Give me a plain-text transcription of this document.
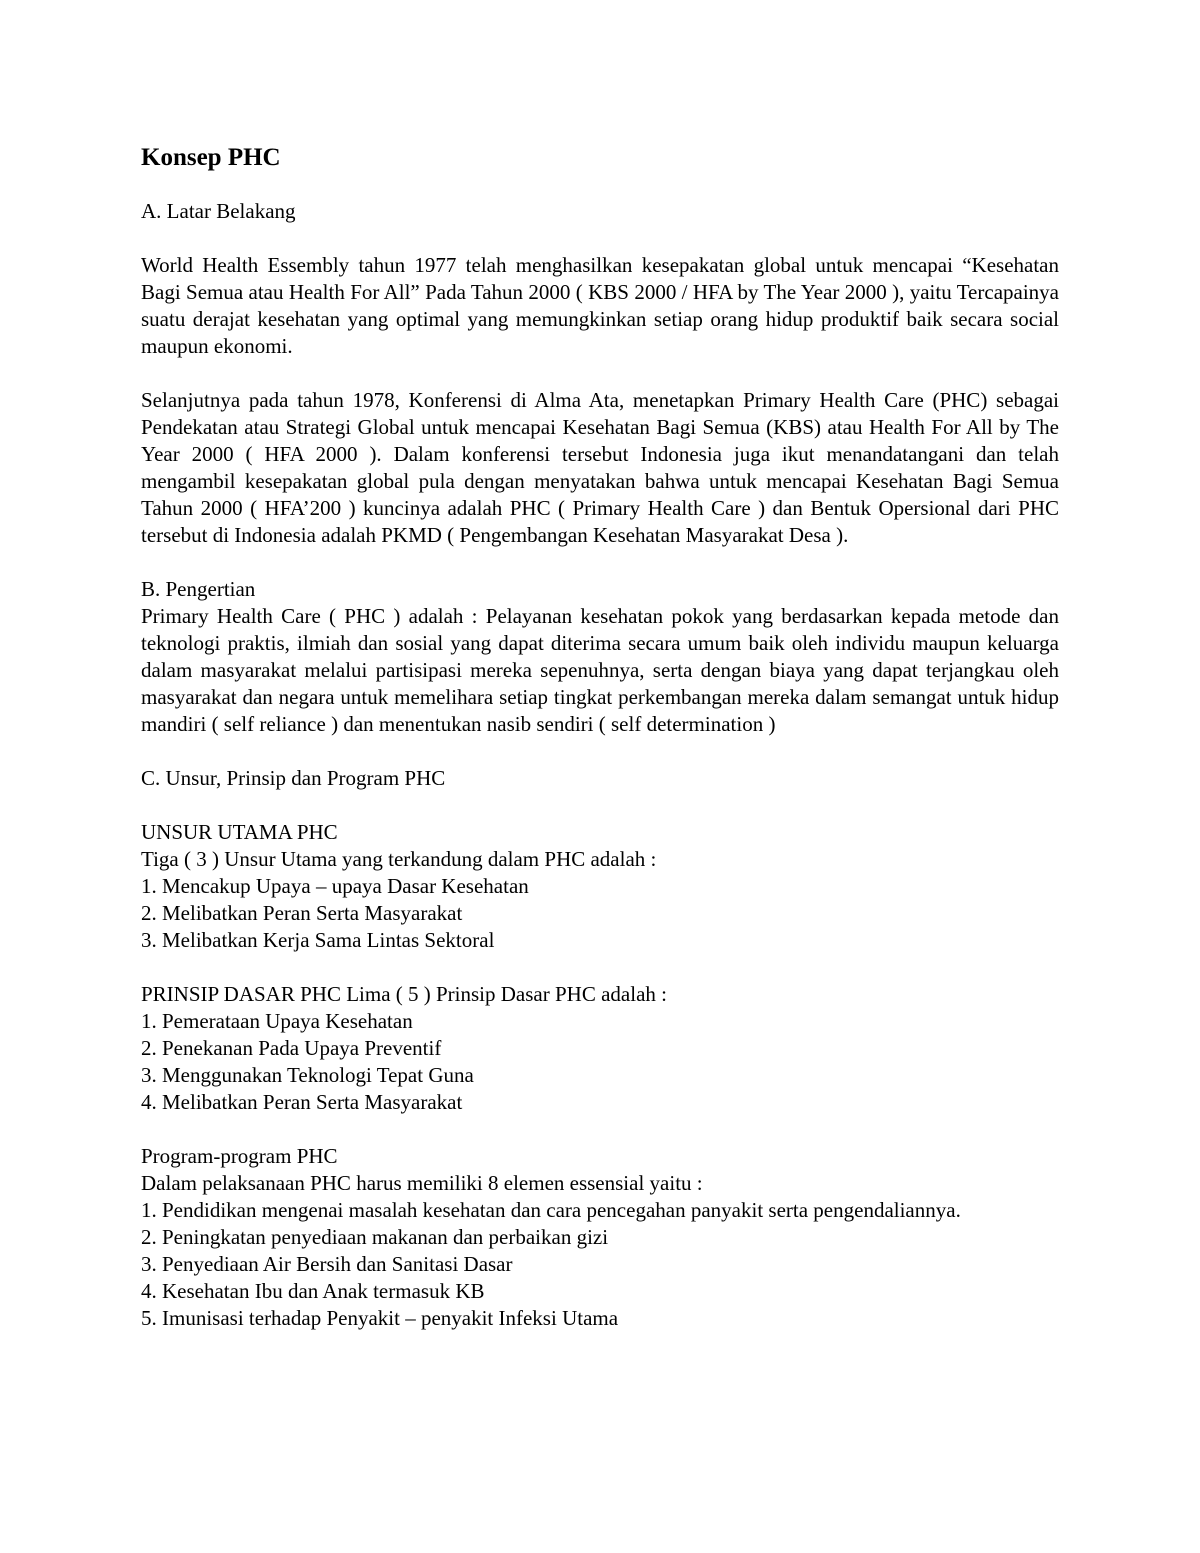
Konsep PHC

A. Latar Belakang

World Health Essembly tahun 1977 telah menghasilkan kesepakatan global untuk mencapai “Kesehatan Bagi Semua atau Health For All” Pada Tahun 2000 ( KBS 2000 / HFA by The Year 2000 ), yaitu Tercapainya suatu derajat kesehatan yang optimal yang memungkinkan setiap orang hidup produktif baik secara social maupun ekonomi.

Selanjutnya pada tahun 1978, Konferensi di Alma Ata, menetapkan Primary Health Care (PHC) sebagai Pendekatan atau Strategi Global untuk mencapai Kesehatan Bagi Semua (KBS) atau Health For All by The Year 2000 ( HFA 2000 ). Dalam konferensi tersebut Indonesia juga ikut menandatangani dan telah mengambil kesepakatan global pula dengan menyatakan bahwa untuk mencapai Kesehatan Bagi Semua Tahun 2000 ( HFA’200 ) kuncinya adalah PHC ( Primary Health Care ) dan Bentuk Opersional dari PHC tersebut di Indonesia adalah PKMD ( Pengembangan Kesehatan Masyarakat Desa ).

B. Pengertian

Primary Health Care ( PHC ) adalah : Pelayanan kesehatan pokok yang berdasarkan kepada metode dan teknologi praktis, ilmiah dan sosial yang dapat diterima secara umum baik oleh individu maupun keluarga dalam masyarakat melalui partisipasi mereka sepenuhnya, serta dengan biaya yang dapat terjangkau oleh masyarakat dan negara untuk memelihara setiap tingkat perkembangan mereka dalam semangat untuk hidup mandiri ( self reliance ) dan menentukan nasib sendiri ( self determination )

C. Unsur, Prinsip dan Program PHC

UNSUR UTAMA PHC

Tiga ( 3 ) Unsur Utama yang terkandung dalam PHC adalah :

1. Mencakup Upaya – upaya Dasar Kesehatan

2. Melibatkan Peran Serta Masyarakat

3. Melibatkan Kerja Sama Lintas Sektoral

PRINSIP DASAR PHC Lima ( 5 ) Prinsip Dasar PHC adalah :

1. Pemerataan Upaya Kesehatan

2. Penekanan Pada Upaya Preventif

3. Menggunakan Teknologi Tepat Guna

4. Melibatkan Peran Serta Masyarakat

Program-program PHC

Dalam pelaksanaan PHC harus memiliki 8 elemen essensial yaitu :

1. Pendidikan mengenai masalah kesehatan dan cara pencegahan panyakit serta pengendaliannya.

2. Peningkatan penyediaan makanan dan perbaikan gizi

3. Penyediaan Air Bersih dan Sanitasi Dasar

4. Kesehatan Ibu dan Anak termasuk KB

5. Imunisasi terhadap Penyakit – penyakit Infeksi Utama
